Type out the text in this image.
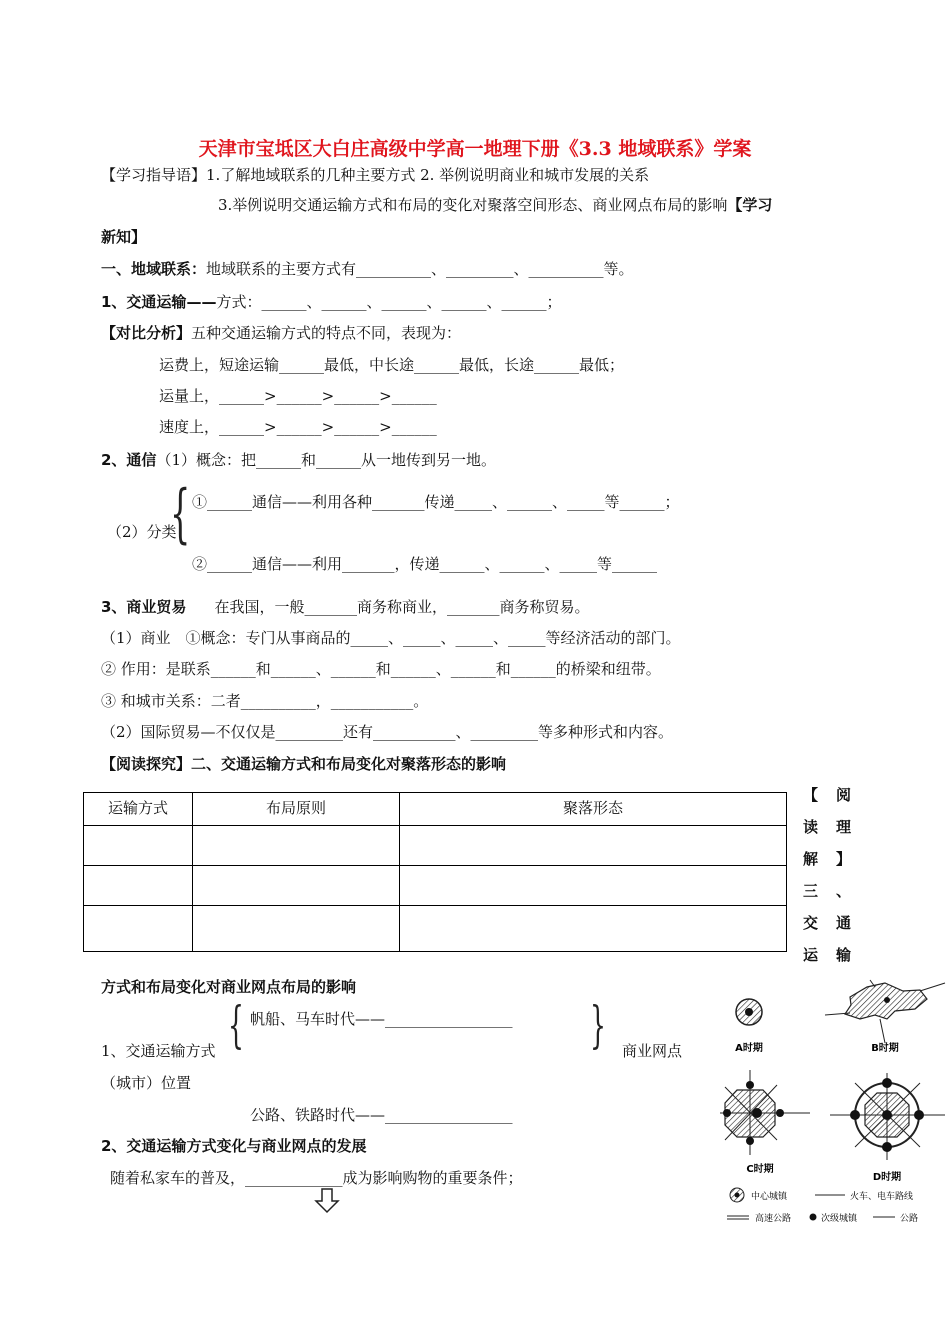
天津市宝坻区大白庄高级中学高一地理下册《3.3 地域联系》学案
【学习指导语】1.了解地域联系的几种主要方式 2. 举例说明商业和城市发展的关系
3.举例说明交通运输方式和布局的变化对聚落空间形态、商业网点布局的影响【学习
新知】
一、地域联系：地域联系的主要方式有__________、_________、__________等。
1、交通运输——方式：______、______、______、______、______；
【对比分析】五种交通运输方式的特点不同，表现为：
运费上，短途运输______最低，中长途______最低，长途______最低；
运量上，______>______>______>______
速度上，______>______>______>______
2、通信（1）概念：把______和______从一地传到另一地。
（2）分类
{ ①______通信——利用各种_______传递_____、______、_____等______；
②______通信——利用_______，传递______、______、_____等______
3、商业贸易 在我国，一般_______商务称商业，_______商务称贸易。
（1）商业　①概念：专门从事商品的_____、_____、_____、_____等经济活动的部门。
② 作用：是联系______和______、______和______、______和______的桥梁和纽带。
③ 和城市关系：二者__________，___________。
（2）国际贸易—不仅仅是_________还有___________、_________等多种形式和内容。
【阅读探究】二、交通运输方式和布局变化对聚落形态的影响
运输方式	布局原则	聚落形态

【 阅
读 理
解 】
三 、
交 通
运 输
方式和布局变化对商业网点布局的影响
帆船、马车时代——_________________
{
1、交通运输方式	} 商业网点
（城市）位置
公路、铁路时代——_________________
2、交通运输方式变化与商业网点的发展
随着私家车的普及，_____________成为影响购物的重要条件；
A时期	B时期
C时期
D时期
中心城镇	火车、电车路线
高速公路	次级城镇	公路
